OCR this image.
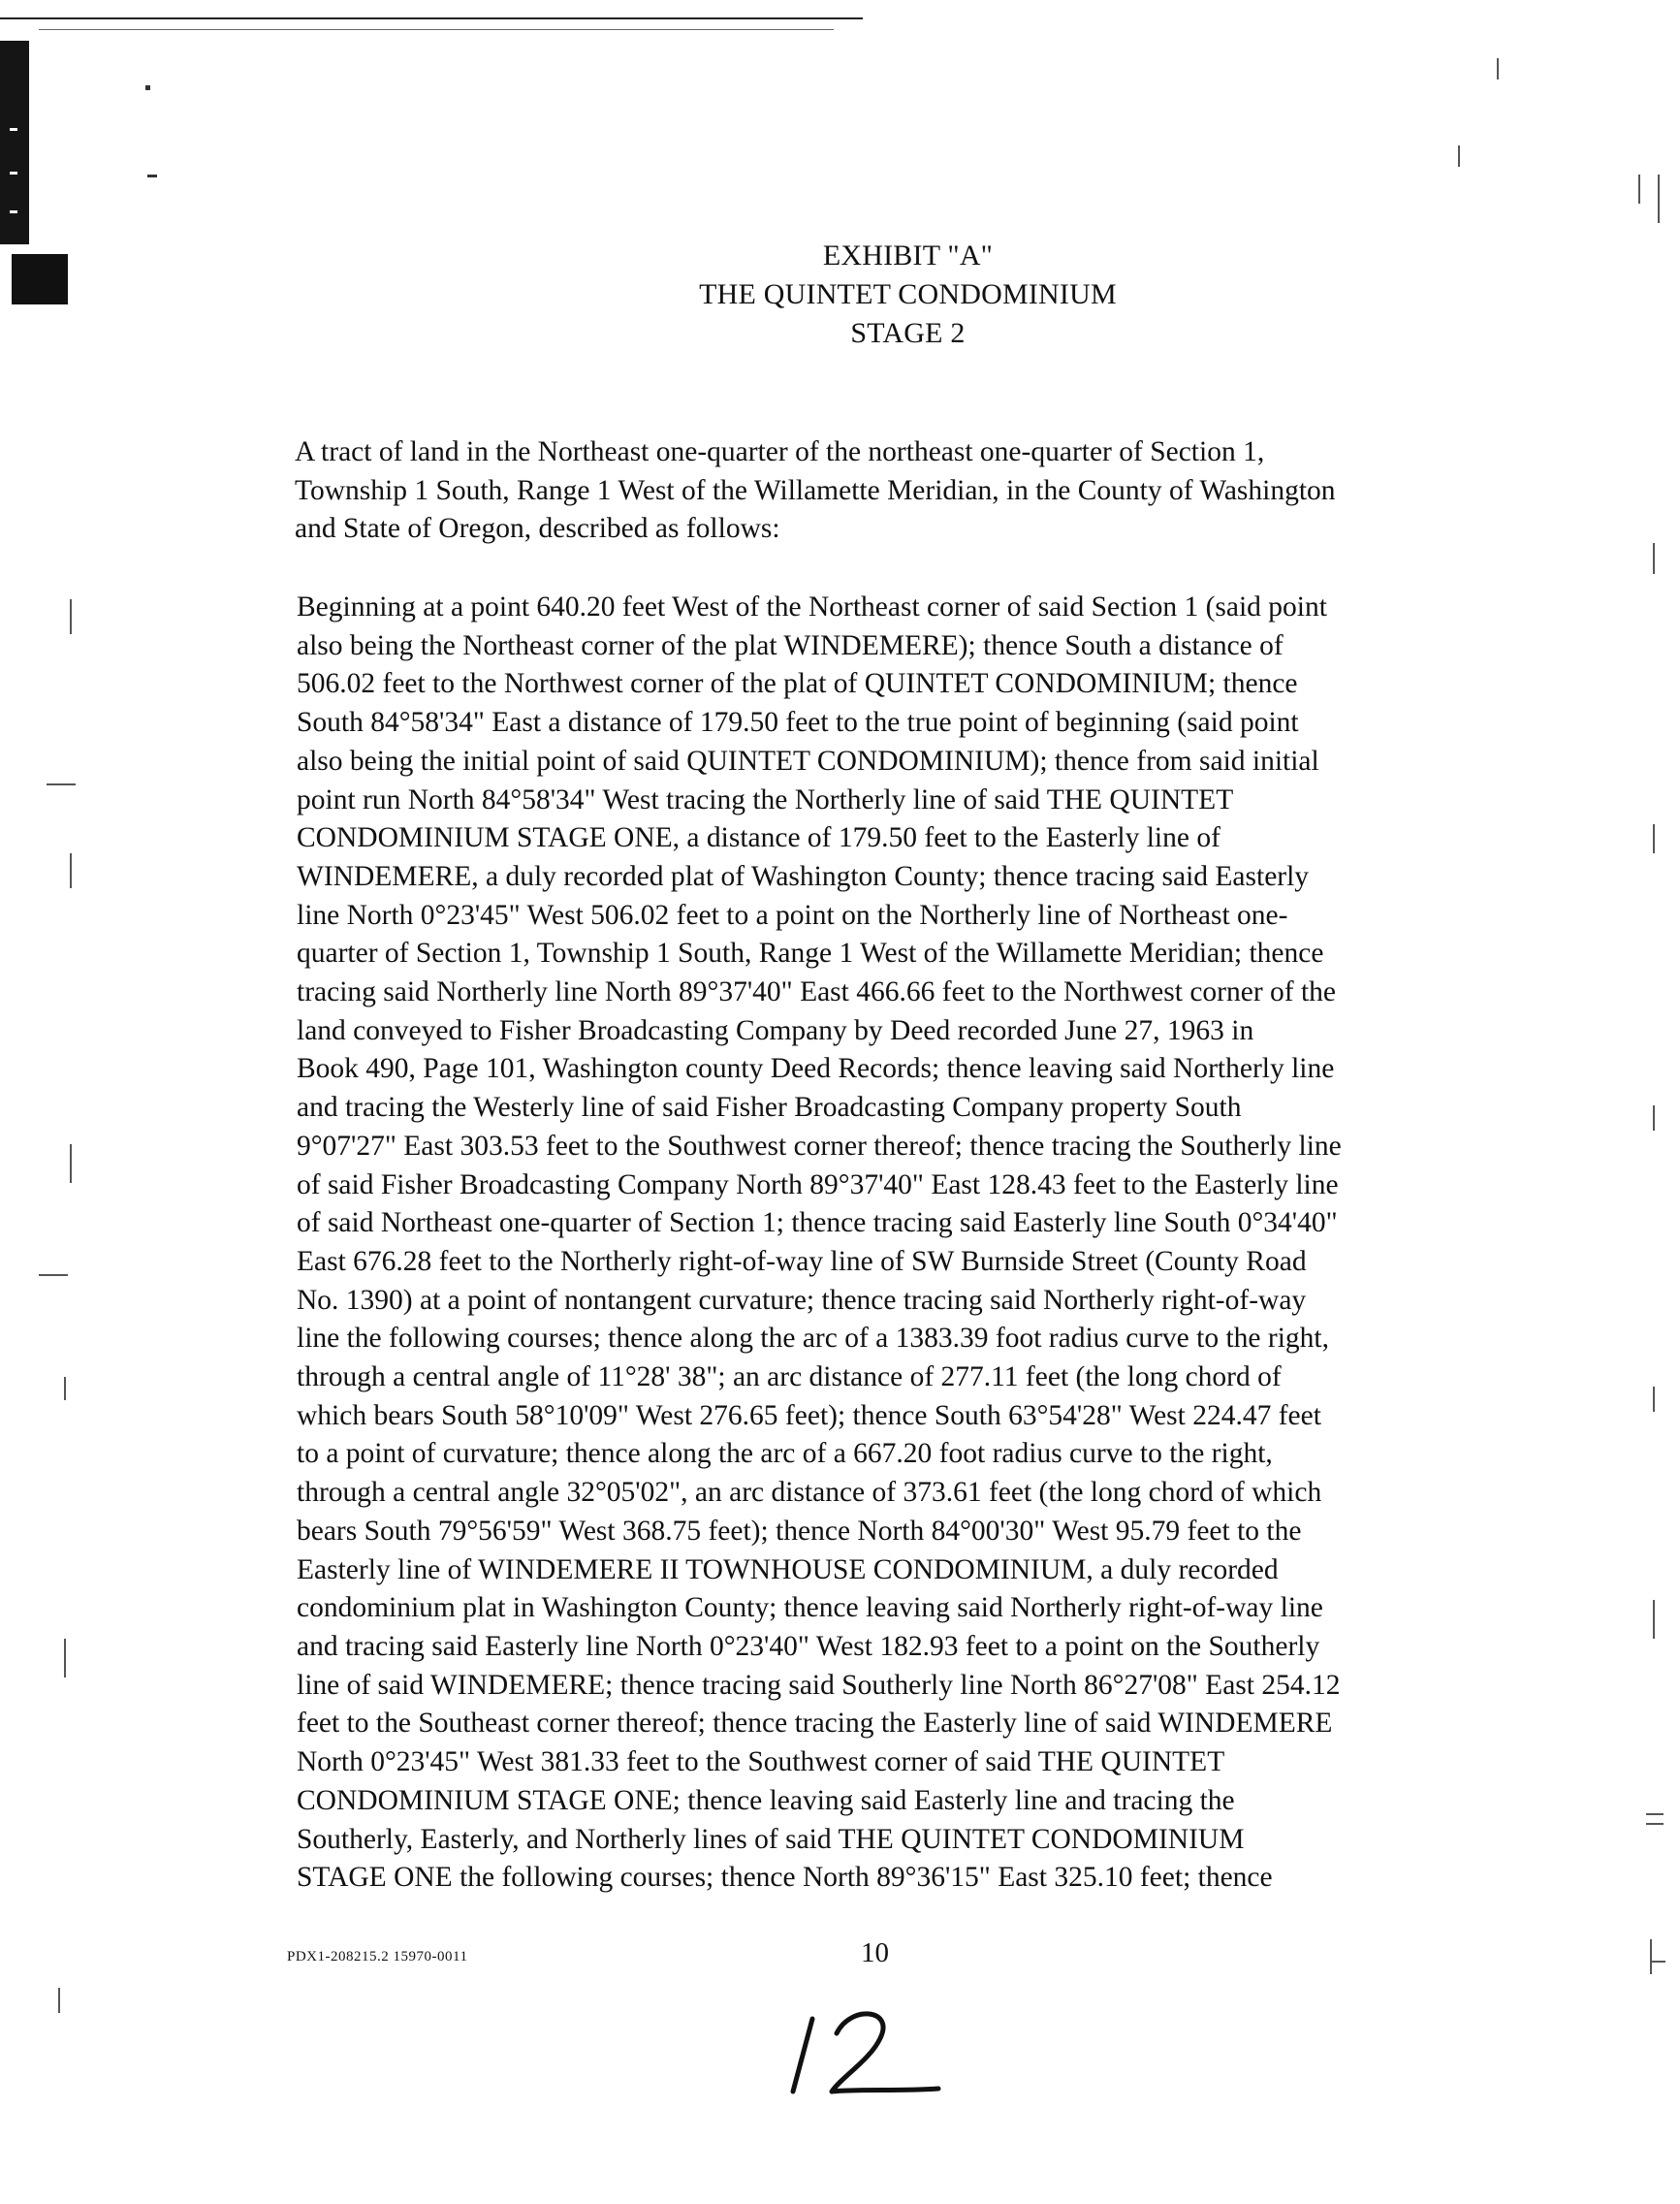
EXHIBIT "A"
THE QUINTET CONDOMINIUM
STAGE 2
A tract of land in the Northeast one-quarter of the northeast one-quarter of Section 1,
Township 1 South, Range 1 West of the Willamette Meridian, in the County of Washington
and State of Oregon, described as follows:
Beginning at a point 640.20 feet West of the Northeast corner of said Section 1 (said point
also being the Northeast corner of the plat WINDEMERE); thence South a distance of
506.02 feet to the Northwest corner of the plat of QUINTET CONDOMINIUM; thence
South 84°58'34" East a distance of 179.50 feet to the true point of beginning (said point
also being the initial point of said QUINTET CONDOMINIUM); thence from said initial
point run North 84°58'34" West tracing the Northerly line of said THE QUINTET
CONDOMINIUM STAGE ONE, a distance of 179.50 feet to the Easterly line of
WINDEMERE, a duly recorded plat of Washington County; thence tracing said Easterly
line North 0°23'45" West 506.02 feet to a point on the Northerly line of Northeast one-
quarter of Section 1, Township 1 South, Range 1 West of the Willamette Meridian; thence
tracing said Northerly line North 89°37'40" East 466.66 feet to the Northwest corner of the
land conveyed to Fisher Broadcasting Company by Deed recorded June 27, 1963 in
Book 490, Page 101, Washington county Deed Records; thence leaving said Northerly line
and tracing the Westerly line of said Fisher Broadcasting Company property South
9°07'27" East 303.53 feet to the Southwest corner thereof; thence tracing the Southerly line
of said Fisher Broadcasting Company North 89°37'40" East 128.43 feet to the Easterly line
of said Northeast one-quarter of Section 1; thence tracing said Easterly line South 0°34'40"
East 676.28 feet to the Northerly right-of-way line of SW Burnside Street (County Road
No. 1390) at a point of nontangent curvature; thence tracing said Northerly right-of-way
line the following courses; thence along the arc of a 1383.39 foot radius curve to the right,
through a central angle of 11°28' 38"; an arc distance of 277.11 feet (the long chord of
which bears South 58°10'09" West 276.65 feet); thence South 63°54'28" West 224.47 feet
to a point of curvature; thence along the arc of a 667.20 foot radius curve to the right,
through a central angle 32°05'02", an arc distance of 373.61 feet (the long chord of which
bears South 79°56'59" West 368.75 feet); thence North 84°00'30" West 95.79 feet to the
Easterly line of WINDEMERE II TOWNHOUSE CONDOMINIUM, a duly recorded
condominium plat in Washington County; thence leaving said Northerly right-of-way line
and tracing said Easterly line North 0°23'40" West 182.93 feet to a point on the Southerly
line of said WINDEMERE; thence tracing said Southerly line North 86°27'08" East 254.12
feet to the Southeast corner thereof; thence tracing the Easterly line of said WINDEMERE
North 0°23'45" West 381.33 feet to the Southwest corner of said THE QUINTET
CONDOMINIUM STAGE ONE; thence leaving said Easterly line and tracing the
Southerly, Easterly, and Northerly lines of said THE QUINTET CONDOMINIUM
STAGE ONE the following courses; thence North 89°36'15" East 325.10 feet; thence
PDX1-208215.2 15970-0011	10
